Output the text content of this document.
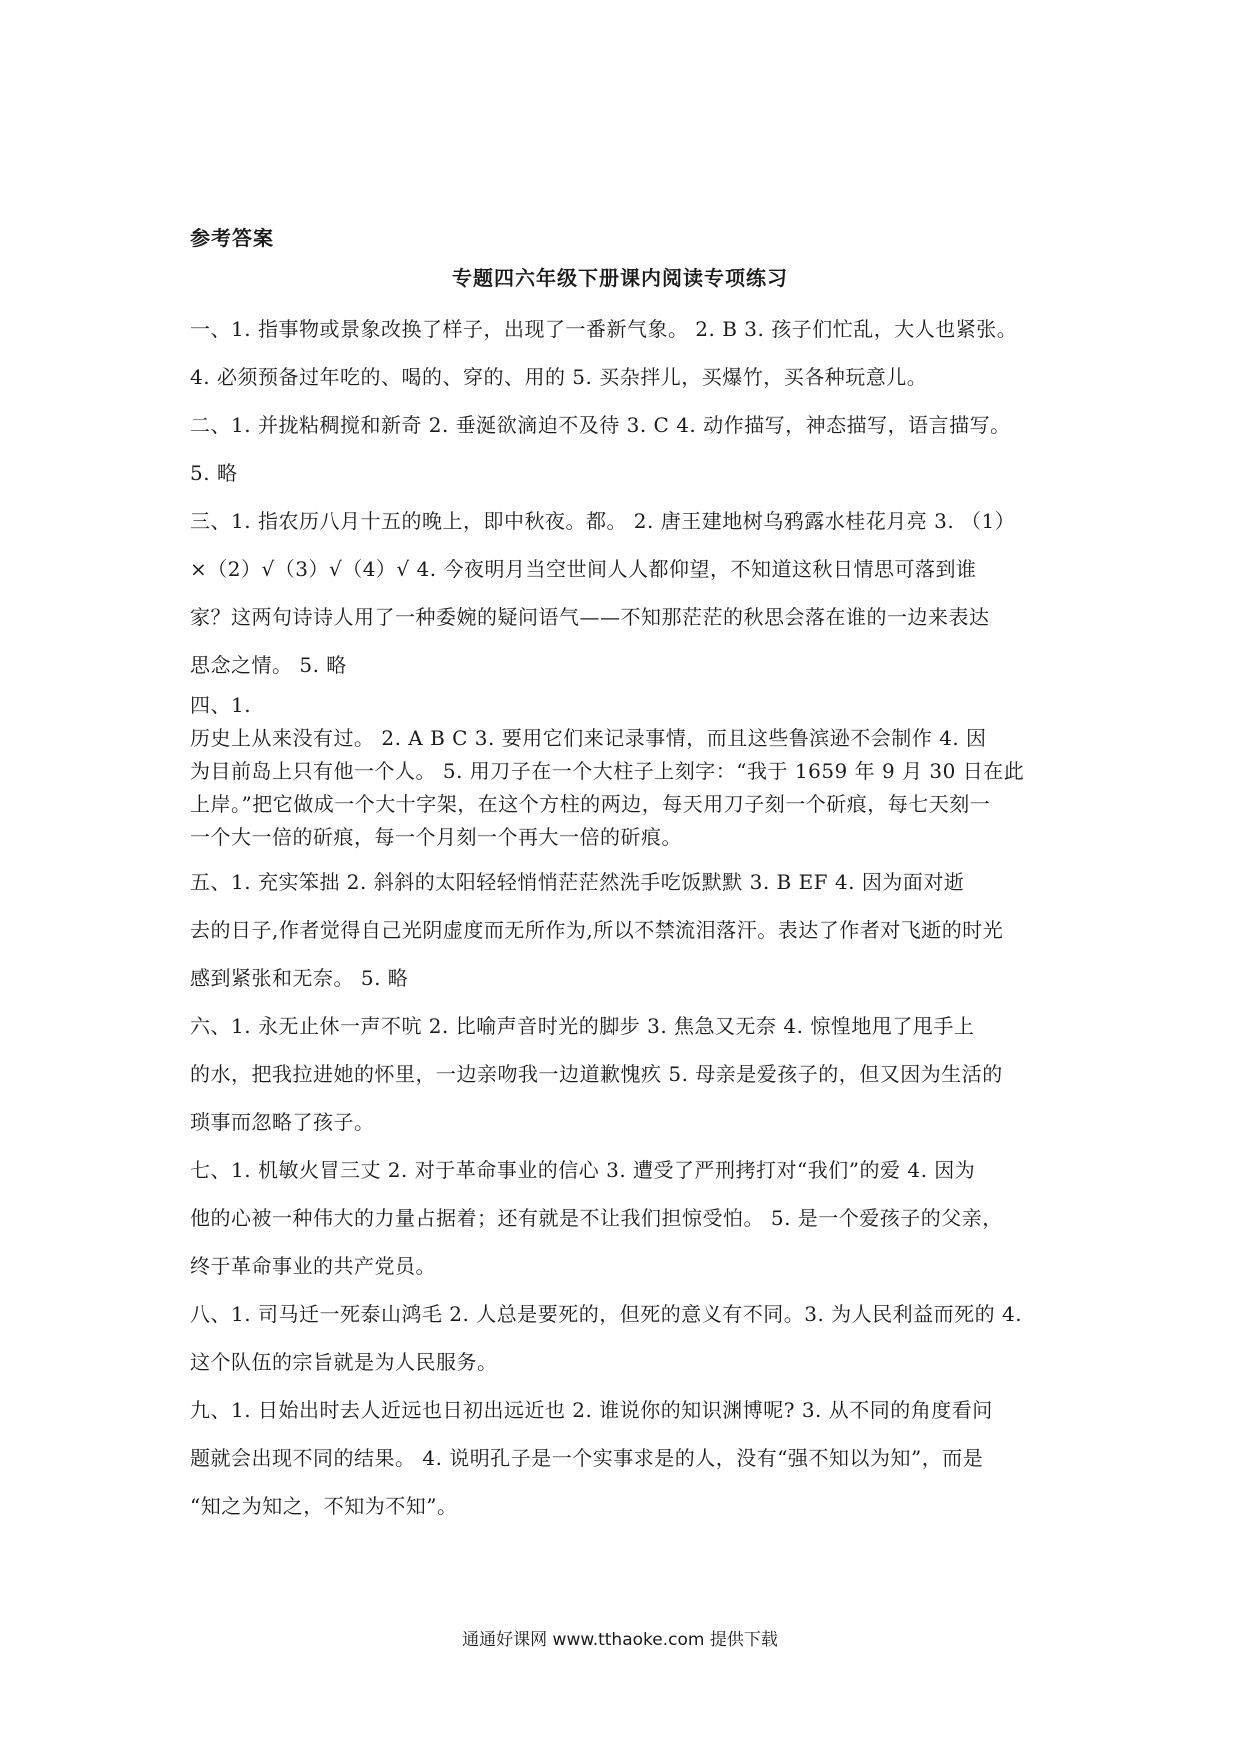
参考答案
专题四六年级下册课内阅读专项练习
一、1. 指事物或景象改换了样子，出现了一番新气象。 2. B 3. 孩子们忙乱，大人也紧张。
4. 必须预备过年吃的、喝的、穿的、用的 5. 买杂拌儿，买爆竹，买各种玩意儿。
二、1. 并拢粘稠搅和新奇 2. 垂涎欲滴迫不及待 3. C 4. 动作描写，神态描写，语言描写。
5. 略
三、1. 指农历八月十五的晚上，即中秋夜。都。 2. 唐王建地树乌鸦露水桂花月亮 3. （1）
×（2）√（3）√（4）√ 4. 今夜明月当空世间人人都仰望，不知道这秋日情思可落到谁
家？这两句诗诗人用了一种委婉的疑问语气——不知那茫茫的秋思会落在谁的一边来表达
思念之情。 5. 略
四、1.
历史上从来没有过。 2. A B C 3. 要用它们来记录事情，而且这些鲁滨逊不会制作 4. 因
为目前岛上只有他一个人。 5. 用刀子在一个大柱子上刻字：“我于 1659 年 9 月 30 日在此
上岸。”把它做成一个大十字架，在这个方柱的两边，每天用刀子刻一个斫痕，每七天刻一
一个大一倍的斫痕，每一个月刻一个再大一倍的斫痕。
五、1. 充实笨拙 2. 斜斜的太阳轻轻悄悄茫茫然洗手吃饭默默 3. B EF 4. 因为面对逝
去的日子,作者觉得自己光阴虚度而无所作为,所以不禁流泪落汗。表达了作者对飞逝的时光
感到紧张和无奈。 5. 略
六、1. 永无止休一声不吭 2. 比喻声音时光的脚步 3. 焦急又无奈 4. 惊惶地甩了甩手上
的水，把我拉进她的怀里，一边亲吻我一边道歉愧疚 5. 母亲是爱孩子的，但又因为生活的
琐事而忽略了孩子。
七、1. 机敏火冒三丈 2. 对于革命事业的信心 3. 遭受了严刑拷打对“我们”的爱 4. 因为
他的心被一种伟大的力量占据着；还有就是不让我们担惊受怕。 5. 是一个爱孩子的父亲，
终于革命事业的共产党员。
八、1. 司马迁一死泰山鸿毛 2. 人总是要死的，但死的意义有不同。3. 为人民利益而死的 4.
这个队伍的宗旨就是为人民服务。
九、1. 日始出时去人近远也日初出远近也 2. 谁说你的知识渊博呢? 3. 从不同的角度看问
题就会出现不同的结果。 4. 说明孔子是一个实事求是的人，没有“强不知以为知”，而是
“知之为知之，不知为不知”。
通通好课网 www.tthaoke.com 提供下载
